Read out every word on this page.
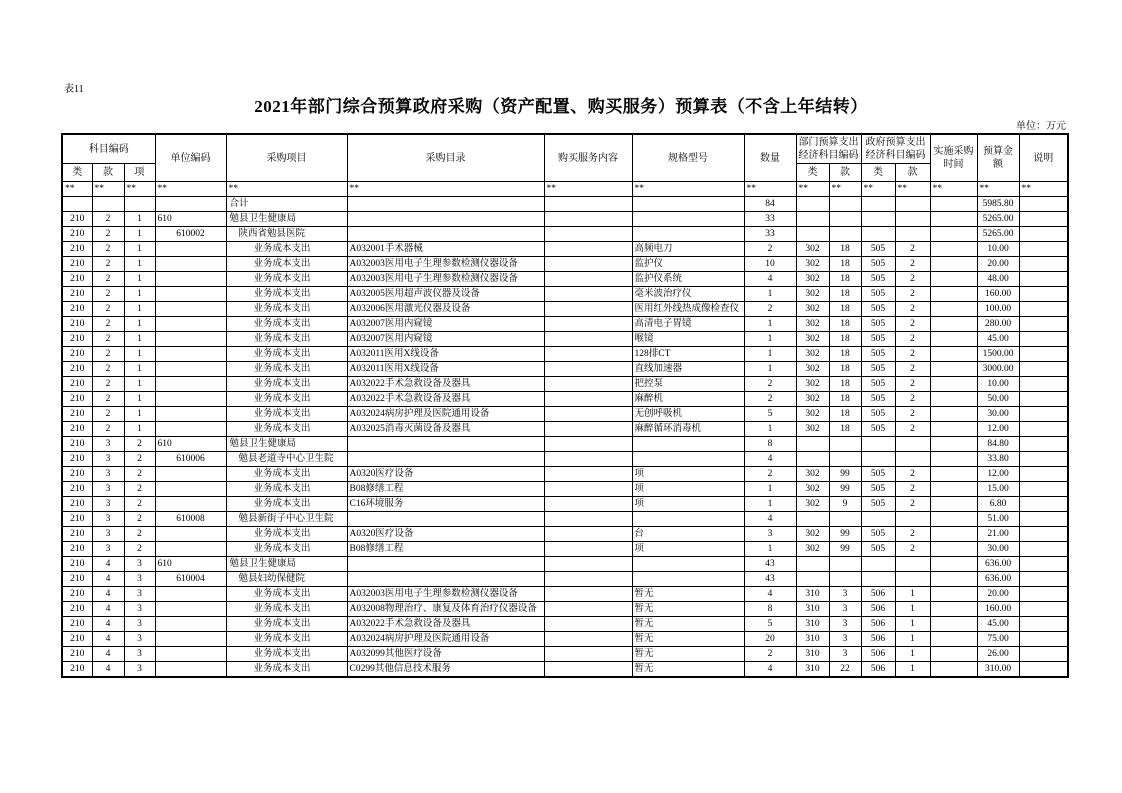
表11
2021年部门综合预算政府采购（资产配置、购买服务）预算表（不含上年结转）
单位：万元
科目编码			单位编码	采购项目	采购目录	购买服务内容	规格型号	数量	部门预算支出经济科目编码		政府预算支出经济科目编码		实施采购时间	预算金额	说明
类	款	项							类	款	类	款			
**	**	**	**	**	**	**	**	**	**	**	**	**	**	**	**
				合计				84						5985.80	
210	2	1	610	勉县卫生健康局				33						5265.00	
210	2	1	610002	陕西省勉县医院				33						5265.00	
210	2	1		业务成本支出	A032001手术器械		高频电刀	2	302	18	505	2		10.00	
210	2	1		业务成本支出	A032003医用电子生理参数检测仪器设备		监护仪	10	302	18	505	2		20.00	
210	2	1		业务成本支出	A032003医用电子生理参数检测仪器设备		监护仪系统	4	302	18	505	2		48.00	
210	2	1		业务成本支出	A032005医用超声波仪器及设备		毫米波治疗仪	1	302	18	505	2		160.00	
210	2	1		业务成本支出	A032006医用激光仪器及设备		医用红外线热成像检查仪	2	302	18	505	2		100.00	
210	2	1		业务成本支出	A032007医用内窥镜		高清电子胃镜	1	302	18	505	2		280.00	
210	2	1		业务成本支出	A032007医用内窥镜		喉镜	1	302	18	505	2		45.00	
210	2	1		业务成本支出	A032011医用X线设备		128排CT	1	302	18	505	2		1500.00	
210	2	1		业务成本支出	A032011医用X线设备		直线加速器	1	302	18	505	2		3000.00	
210	2	1		业务成本支出	A032022手术急救设备及器具		把控泵	2	302	18	505	2		10.00	
210	2	1		业务成本支出	A032022手术急救设备及器具		麻醉机	2	302	18	505	2		50.00	
210	2	1		业务成本支出	A032024病房护理及医院通用设备		无创呼吸机	5	302	18	505	2		30.00	
210	2	1		业务成本支出	A032025消毒灭菌设备及器具		麻醉循环消毒机	1	302	18	505	2		12.00	
210	3	2	610	勉县卫生健康局				8						84.80	
210	3	2	610006	勉县老道寺中心卫生院				4						33.80	
210	3	2		业务成本支出	A0320医疗设备		项	2	302	99	505	2		12.00	
210	3	2		业务成本支出	B08修缮工程		项	1	302	99	505	2		15.00	
210	3	2		业务成本支出	C16环境服务		项	1	302	9	505	2		6.80	
210	3	2	610008	勉县新街子中心卫生院				4						51.00	
210	3	2		业务成本支出	A0320医疗设备		台	3	302	99	505	2		21.00	
210	3	2		业务成本支出	B08修缮工程		项	1	302	99	505	2		30.00	
210	4	3	610	勉县卫生健康局				43						636.00	
210	4	3	610004	勉县妇幼保健院				43						636.00	
210	4	3		业务成本支出	A032003医用电子生理参数检测仪器设备		暂无	4	310	3	506	1		20.00	
210	4	3		业务成本支出	A032008物理治疗、康复及体育治疗仪器设备		暂无	8	310	3	506	1		160.00	
210	4	3		业务成本支出	A032022手术急救设备及器具		暂无	5	310	3	506	1		45.00	
210	4	3		业务成本支出	A032024病房护理及医院通用设备		暂无	20	310	3	506	1		75.00	
210	4	3		业务成本支出	A032099其他医疗设备		暂无	2	310	3	506	1		26.00	
210	4	3		业务成本支出	C0299其他信息技术服务		暂无	4	310	22	506	1		310.00	
